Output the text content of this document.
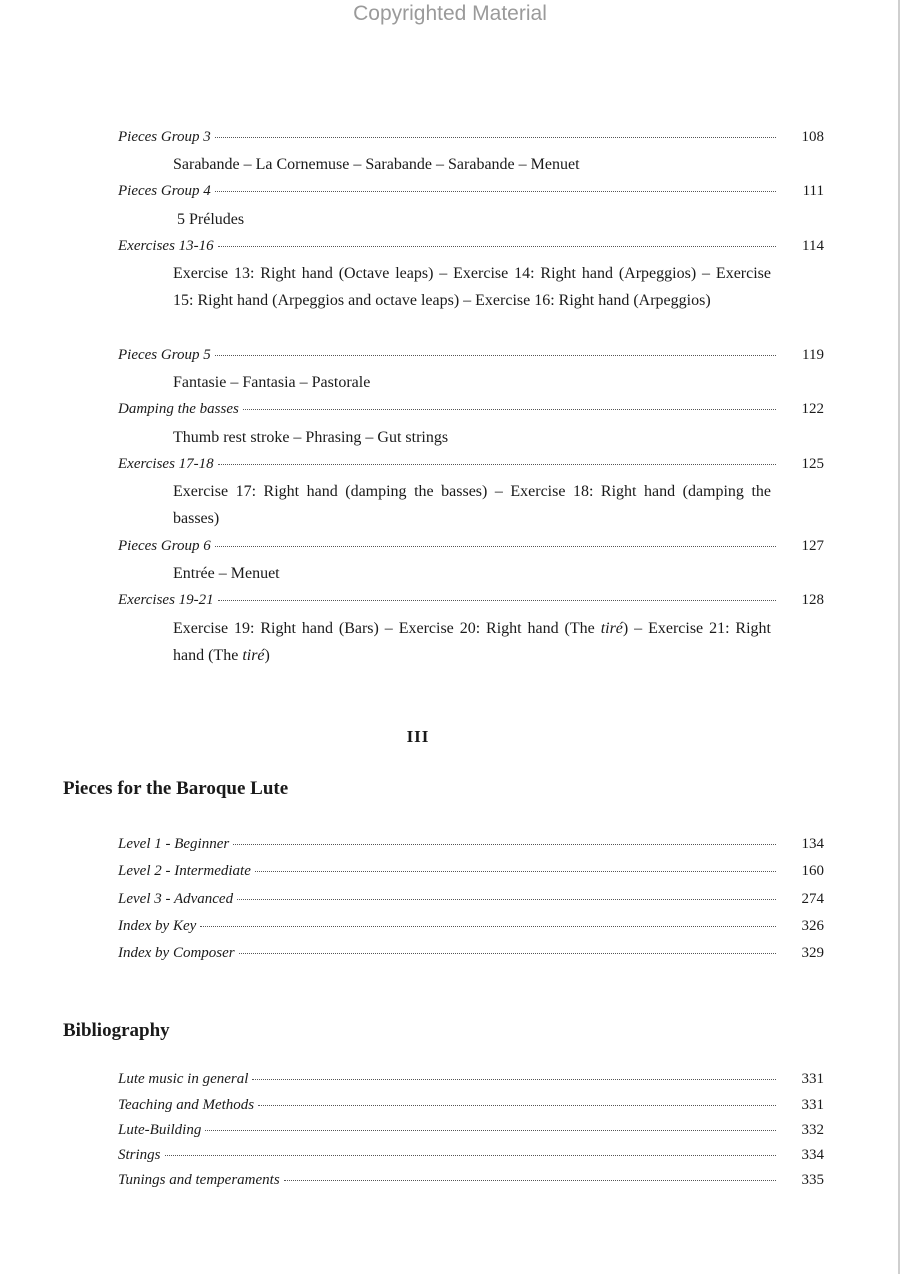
Copyrighted Material
Pieces Group 3	108
Sarabande – La Cornemuse – Sarabande – Sarabande – Menuet
Pieces Group 4	111
5 Préludes
Exercises 13-16	114
Exercise 13: Right hand (Octave leaps) – Exercise 14: Right hand (Arpeggios) – Exercise 15: Right hand (Arpeggios and octave leaps) – Exercise 16: Right hand (Arpeggios)
Pieces Group 5	119
Fantasie – Fantasia – Pastorale
Damping the basses	122
Thumb rest stroke – Phrasing – Gut strings
Exercises 17-18	125
Exercise 17: Right hand (damping the basses) – Exercise 18: Right hand (damping the basses)
Pieces Group 6	127
Entrée – Menuet
Exercises 19-21	128
Exercise 19: Right hand (Bars) – Exercise 20: Right hand (The tiré) – Exercise 21: Right hand (The tiré)
III
Pieces for the Baroque Lute
Level 1 - Beginner	134
Level 2 - Intermediate	160
Level 3 - Advanced	274
Index by Key	326
Index by Composer	329
Bibliography
Lute music in general	331
Teaching and Methods	331
Lute-Building	332
Strings	334
Tunings and temperaments	335
